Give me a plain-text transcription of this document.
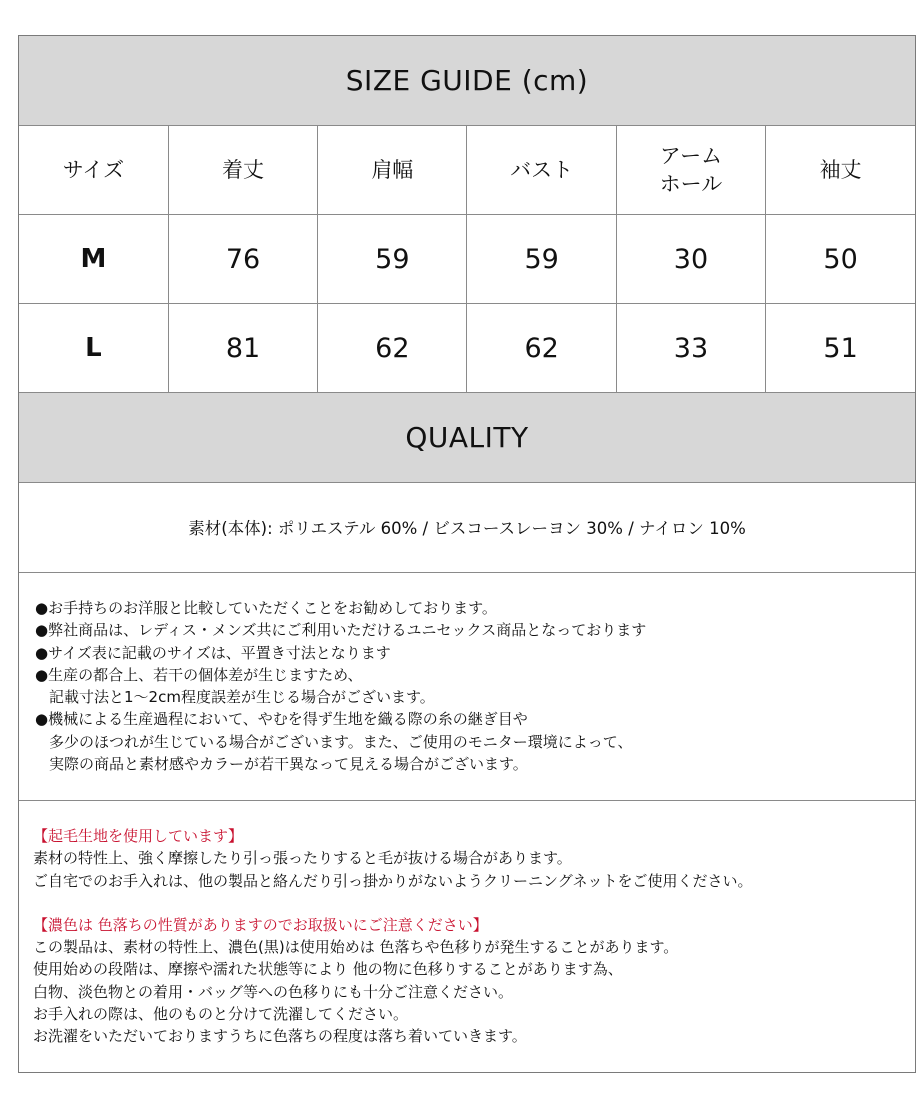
SIZE GUIDE (cm)
サイズ	着丈	肩幅	バスト	アームホール	袖丈
M	76	59	59	30	50
L	81	62	62	33	51
QUALITY
素材(本体): ポリエステル 60% / ビスコースレーヨン 30% / ナイロン 10%
●お手持ちのお洋服と比較していただくことをお勧めしております。
●弊社商品は、レディス・メンズ共にご利用いただけるユニセックス商品となっております
●サイズ表に記載のサイズは、平置き寸法となります
●生産の都合上、若干の個体差が生じますため、
記載寸法と1～2cm程度誤差が生じる場合がございます。
●機械による生産過程において、やむを得ず生地を織る際の糸の継ぎ目や
多少のほつれが生じている場合がございます。また、ご使用のモニター環境によって、
実際の商品と素材感やカラーが若干異なって見える場合がございます。
【起毛生地を使用しています】
素材の特性上、強く摩擦したり引っ張ったりすると毛が抜ける場合があります。
ご自宅でのお手入れは、他の製品と絡んだり引っ掛かりがないようクリーニングネットをご使用ください。
【濃色は 色落ちの性質がありますのでお取扱いにご注意ください】
この製品は、素材の特性上、濃色(黒)は使用始めは 色落ちや色移りが発生することがあります。
使用始めの段階は、摩擦や濡れた状態等により 他の物に色移りすることがあります為、
白物、淡色物との着用・バッグ等への色移りにも十分ご注意ください。
お手入れの際は、他のものと分けて洗濯してください。
お洗濯をいただいておりますうちに色落ちの程度は落ち着いていきます。
